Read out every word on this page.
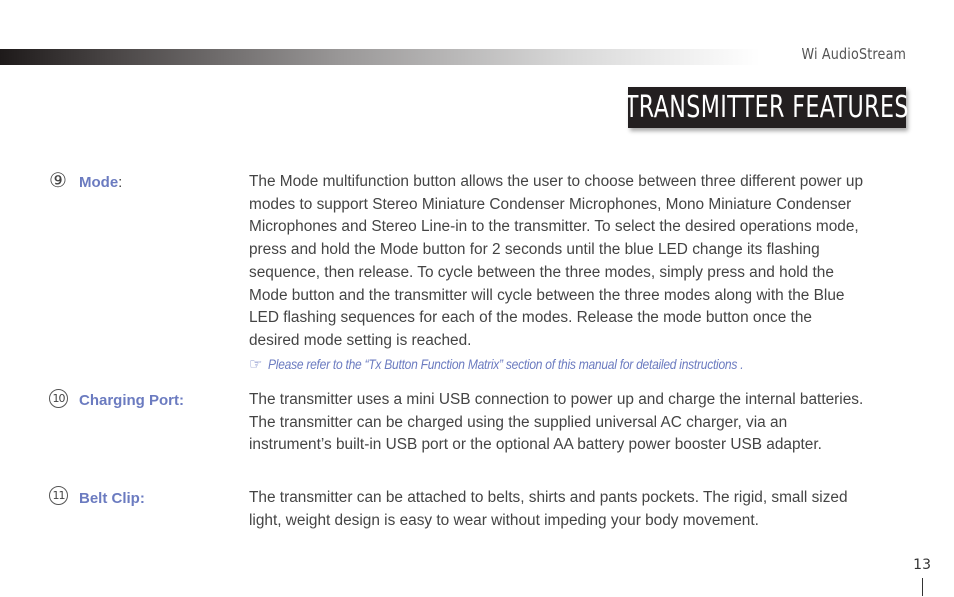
Wi AudioStream
TRANSMITTER FEATURES
⑨ Mode:	The Mode multifunction button allows the user to choose between three different power up modes to support Stereo Miniature Condenser Microphones, Mono Miniature Condenser Microphones and Stereo Line-in to the transmitter. To select the desired operations mode, press and hold the Mode button for 2 seconds until the blue LED change its flashing sequence, then release. To cycle between the three modes, simply press and hold the Mode button and the transmitter will cycle between the three modes along with the Blue LED flashing sequences for each of the modes. Release the mode button once the desired mode setting is reached.
☞ Please refer to the “Tx Button Function Matrix” section of this manual for detailed instructions .
10 Charging Port:	The transmitter uses a mini USB connection to power up and charge the internal batteries. The transmitter can be charged using the supplied universal AC charger, via an instrument’s built-in USB port or the optional AA battery power booster USB adapter.
11 Belt Clip:	The transmitter can be attached to belts, shirts and pants pockets. The rigid, small sized light, weight design is easy to wear without impeding your body movement.
13
